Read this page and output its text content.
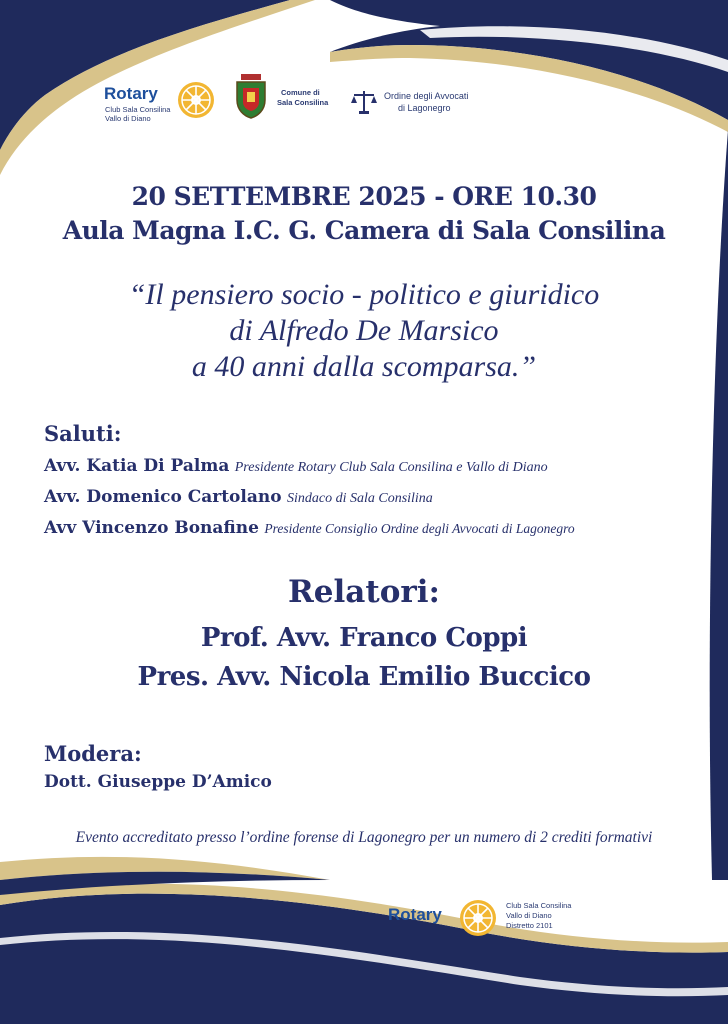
Rotary
Club Sala Consilina
Vallo di Diano
Comune di
Sala Consilina
Ordine degli Avvocati
di Lagonegro
20 SETTEMBRE 2025 - ORE 10.30
Aula Magna I.C. G. Camera di Sala Consilina
“Il pensiero socio - politico e giuridico
di Alfredo De Marsico
a 40 anni dalla scomparsa.”
Saluti:
Avv. Katia Di Palma Presidente Rotary Club Sala Consilina e Vallo di Diano
Avv. Domenico Cartolano Sindaco di Sala Consilina
Avv Vincenzo Bonafine Presidente Consiglio Ordine degli Avvocati di Lagonegro
Relatori:
Prof. Avv. Franco Coppi
Pres. Avv. Nicola Emilio Buccico
Modera:
Dott. Giuseppe D’Amico
Evento accreditato presso l’ordine forense di Lagonegro per un numero di 2 crediti formativi
Rotary	Club Sala Consilina
Vallo di Diano
Distretto 2101
